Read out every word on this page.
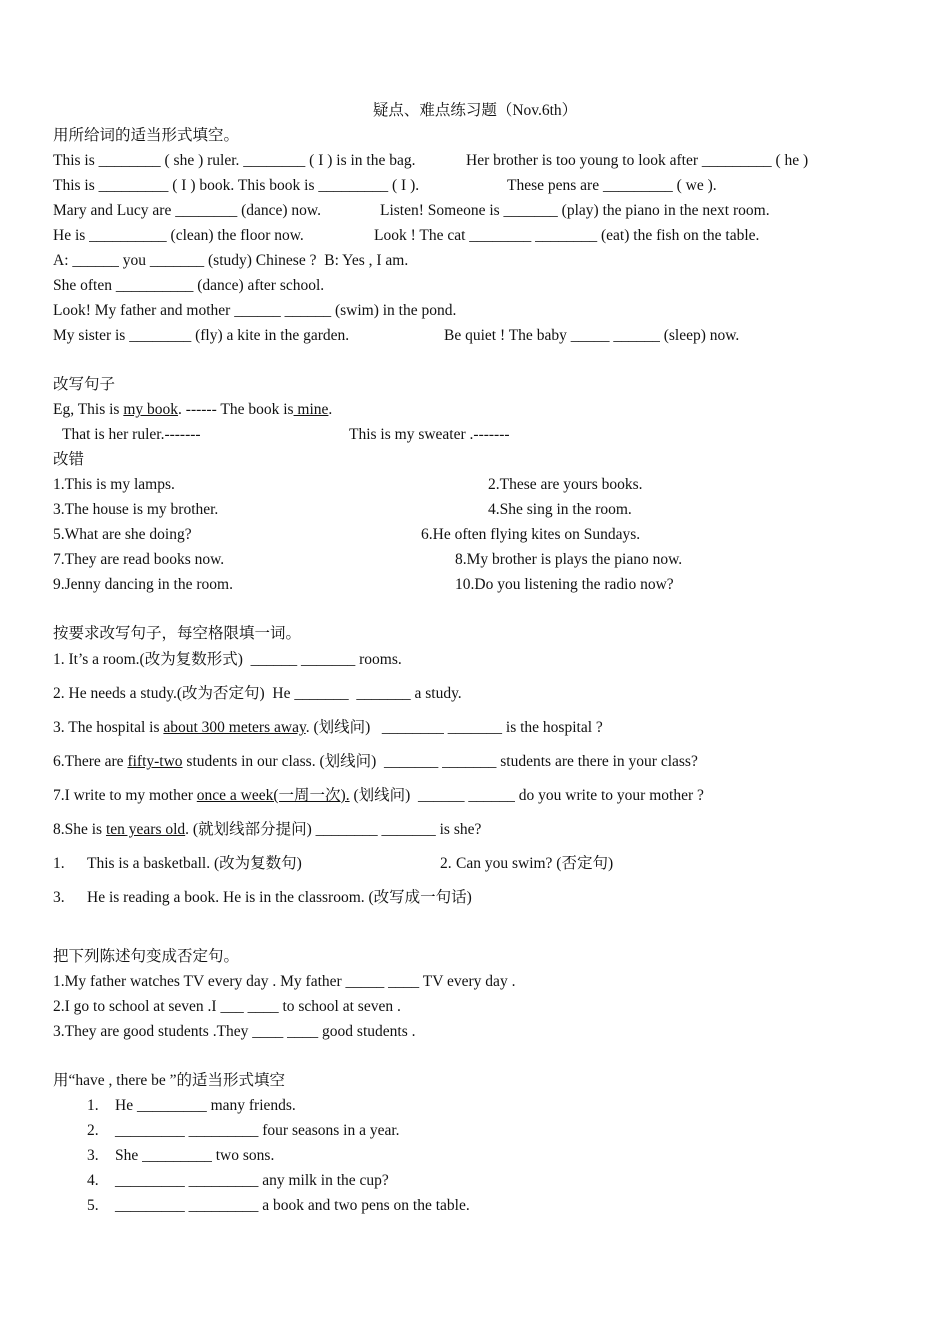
疑点、难点练习题（Nov.6th）
用所给词的适当形式填空。
This is ________ ( she ) ruler. ________ ( I ) is in the bag.	Her brother is too young to look after _________ ( he )
This is _________ ( I ) book. This book is _________ ( I ).	These pens are _________ ( we ).
Mary and Lucy are ________ (dance) now.	Listen! Someone is _______ (play) the piano in the next room.
He is __________ (clean) the floor now.	Look ! The cat ________ ________ (eat) the fish on the table.
A: ______ you _______ (study) Chinese ?  B: Yes , I am.
She often __________ (dance) after school.
Look! My father and mother ______ ______ (swim) in the pond.
My sister is ________ (fly) a kite in the garden.	Be quiet ! The baby _____ ______ (sleep) now.
改写句子
Eg, This is my book. ------ The book is mine.
That is her ruler.-------	This is my sweater .-------
改错
1.This is my lamps.	2.These are yours books.
3.The house is my brother.	4.She sing in the room.
5.What are she doing?	6.He often flying kites on Sundays.
7.They are read books now.	8.My brother is plays the piano now.
9.Jenny dancing in the room.	10.Do you listening the radio now?
按要求改写句子，每空格限填一词。
1. It’s a room.(改为复数形式)  ______ _______ rooms.
2. He needs a study.(改为否定句)  He _______  _______ a study.
3. The hospital is about 300 meters away. (划线问)   ________ _______ is the hospital ?
6.There are fifty-two students in our class. (划线问)  _______ _______ students are there in your class?
7.I write to my mother once a week(一周一次). (划线问)  ______ ______ do you write to your mother ?
8.She is ten years old. (就划线部分提问) ________ _______ is she?
1. This is a basketball. (改为复数句)	2. Can you swim? (否定句)
3. He is reading a book. He is in the classroom. (改写成一句话)
把下列陈述句变成否定句。
1.My father watches TV every day . My father _____ ____ TV every day .
2.I go to school at seven .I ___ ____ to school at seven .
3.They are good students .They ____ ____ good students .
用“have , there be ”的适当形式填空
1. He _________ many friends.
2. _________ _________ four seasons in a year.
3. She _________ two sons.
4. _________ _________ any milk in the cup?
5. _________ _________ a book and two pens on the table.
